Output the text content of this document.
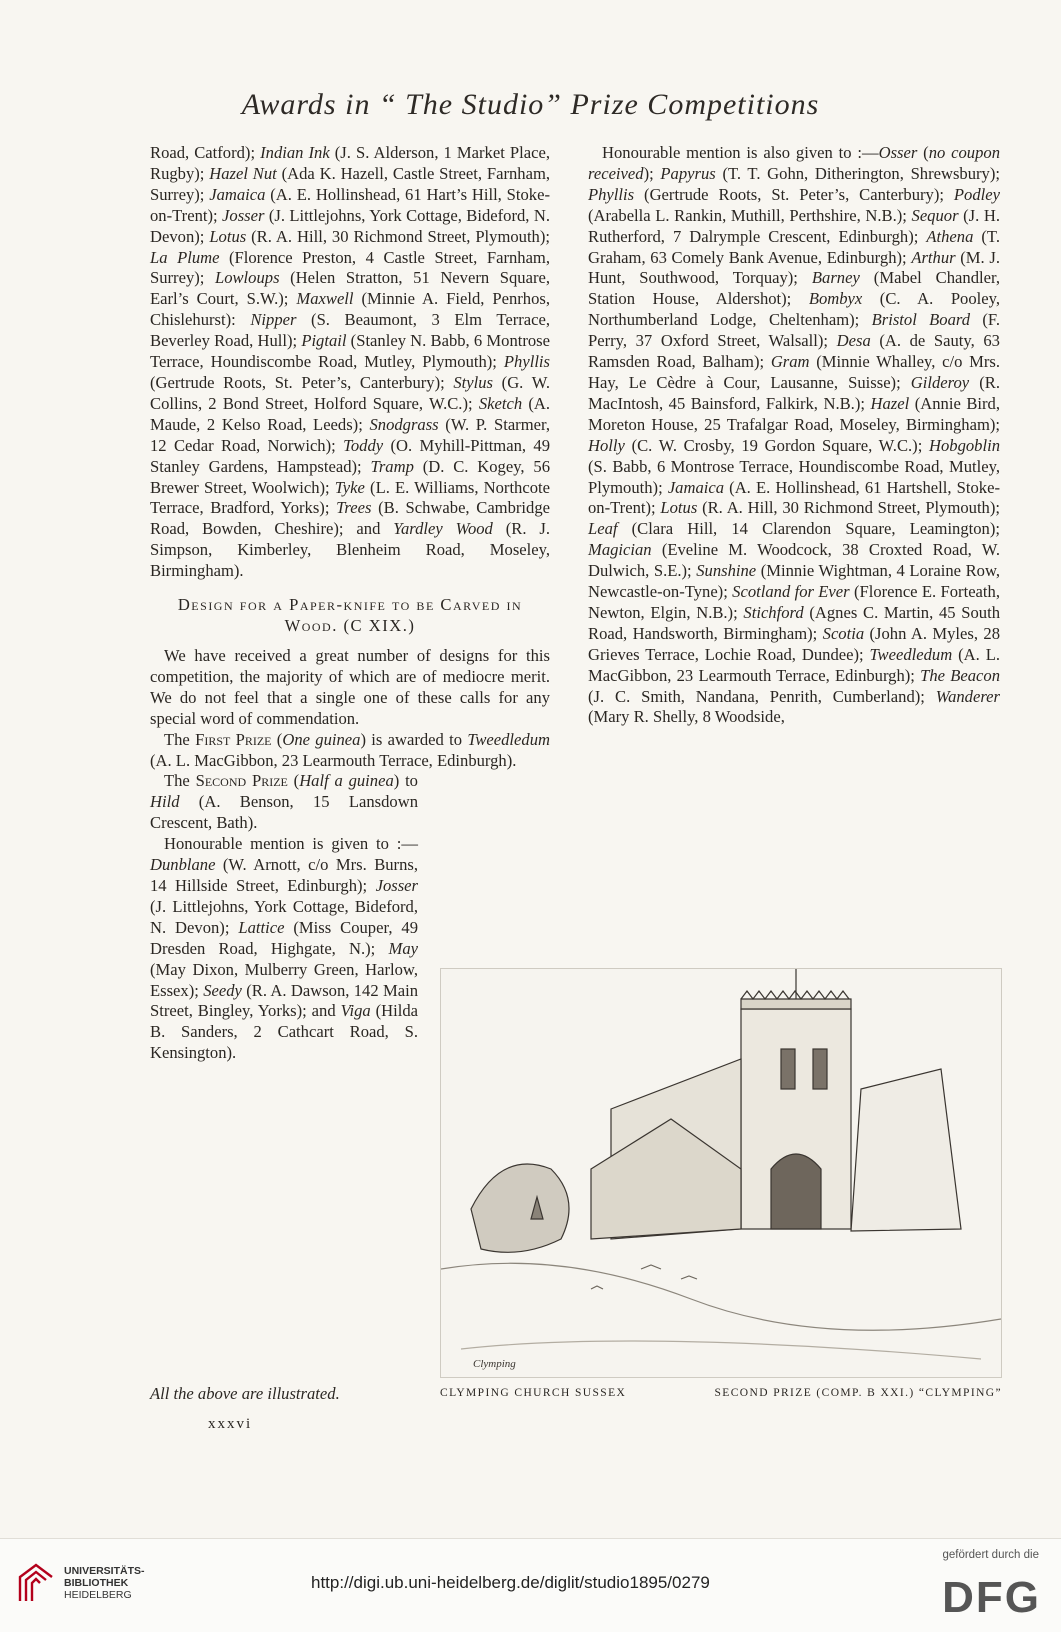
Awards in “ The Studio” Prize Competitions

Road, Catford); Indian Ink (J. S. Alderson, 1 Market Place, Rugby); Hazel Nut (Ada K. Hazell, Castle Street, Farnham, Surrey); Jamaica (A. E. Hollinshead, 61 Hart’s Hill, Stoke-on-Trent); Josser (J. Littlejohns, York Cottage, Bideford, N. Devon); Lotus (R. A. Hill, 30 Richmond Street, Plymouth); La Plume (Florence Preston, 4 Castle Street, Farnham, Surrey); Lowloups (Helen Stratton, 51 Nevern Square, Earl’s Court, S.W.); Maxwell (Minnie A. Field, Penrhos, Chislehurst): Nipper (S. Beaumont, 3 Elm Terrace, Beverley Road, Hull); Pigtail (Stanley N. Babb, 6 Montrose Terrace, Houndiscombe Road, Mutley, Plymouth); Phyllis (Gertrude Roots, St. Peter’s, Canterbury); Stylus (G. W. Collins, 2 Bond Street, Holford Square, W.C.); Sketch (A. Maude, 2 Kelso Road, Leeds); Snodgrass (W. P. Starmer, 12 Cedar Road, Norwich); Toddy (O. Myhill-Pittman, 49 Stanley Gardens, Hampstead); Tramp (D. C. Kogey, 56 Brewer Street, Woolwich); Tyke (L. E. Williams, Northcote Terrace, Bradford, Yorks); Trees (B. Schwabe, Cambridge Road, Bowden, Cheshire); and Yardley Wood (R. J. Simpson, Kimberley, Blenheim Road, Moseley, Birmingham).

Design for a Paper-knife to be Carved in
Wood. (C XIX.)

We have received a great number of designs for this competition, the majority of which are of mediocre merit. We do not feel that a single one of these calls for any special word of commendation.

The First Prize (One guinea) is awarded to Tweedledum (A. L. MacGibbon, 23 Learmouth Terrace, Edinburgh).

The Second Prize (Half a guinea) to Hild (A. Benson, 15 Lansdown Crescent, Bath).

Honourable mention is given to :—Dunblane (W. Arnott, c/o Mrs. Burns, 14 Hillside Street, Edinburgh); Josser (J. Littlejohns, York Cottage, Bideford, N. Devon); Lattice (Miss Couper, 49 Dresden Road, Highgate, N.); May (May Dixon, Mulberry Green, Harlow, Essex); Seedy (R. A. Dawson, 142 Main Street, Bingley, Yorks); and Viga (Hilda B. Sanders, 2 Cathcart Road, S. Kensington).

Honourable mention is also given to :—Osser (no coupon received); Papyrus (T. T. Gohn, Ditherington, Shrewsbury); Phyllis (Gertrude Roots, St. Peter’s, Canterbury); Podley (Arabella L. Rankin, Muthill, Perthshire, N.B.); Sequor (J. H. Rutherford, 7 Dalrymple Crescent, Edinburgh); Athena (T. Graham, 63 Comely Bank Avenue, Edinburgh); Arthur (M. J. Hunt, Southwood, Torquay); Barney (Mabel Chandler, Station House, Aldershot); Bombyx (C. A. Pooley, Northumberland Lodge, Cheltenham); Bristol Board (F. Perry, 37 Oxford Street, Walsall); Desa (A. de Sauty, 63 Ramsden Road, Balham); Gram (Minnie Whalley, c/o Mrs. Hay, Le Cèdre à Cour, Lausanne, Suisse); Gilderoy (R. MacIntosh, 45 Bainsford, Falkirk, N.B.); Hazel (Annie Bird, Moreton House, 25 Trafalgar Road, Moseley, Birmingham); Holly (C. W. Crosby, 19 Gordon Square, W.C.); Hobgoblin (S. Babb, 6 Montrose Terrace, Houndiscombe Road, Mutley, Plymouth); Jamaica (A. E. Hollinshead, 61 Hartshell, Stoke-on-Trent); Lotus (R. A. Hill, 30 Richmond Street, Plymouth); Leaf (Clara Hill, 14 Clarendon Square, Leamington); Magician (Eveline M. Woodcock, 38 Croxted Road, W. Dulwich, S.E.); Sunshine (Minnie Wightman, 4 Loraine Row, Newcastle-on-Tyne); Scotland for Ever (Florence E. Forteath, Newton, Elgin, N.B.); Stichford (Agnes C. Martin, 45 South Road, Handsworth, Birmingham); Scotia (John A. Myles, 28 Grieves Terrace, Lochie Road, Dundee); Tweedledum (A. L. MacGibbon, 23 Learmouth Terrace, Edinburgh); The Beacon (J. C. Smith, Nandana, Penrith, Cumberland); Wanderer (Mary R. Shelly, 8 Woodside,

Clymping
All the above are illustrated.	CLYMPING CHURCH SUSSEX	SECOND PRIZE (COMP. B XXI.) “CLYMPING”
xxxvi
UNIVERSITÄTS-
BIBLIOTHEK
HEIDELBERG
http://digi.ub.uni-heidelberg.de/diglit/studio1895/0279
gefördert durch die
DFG
